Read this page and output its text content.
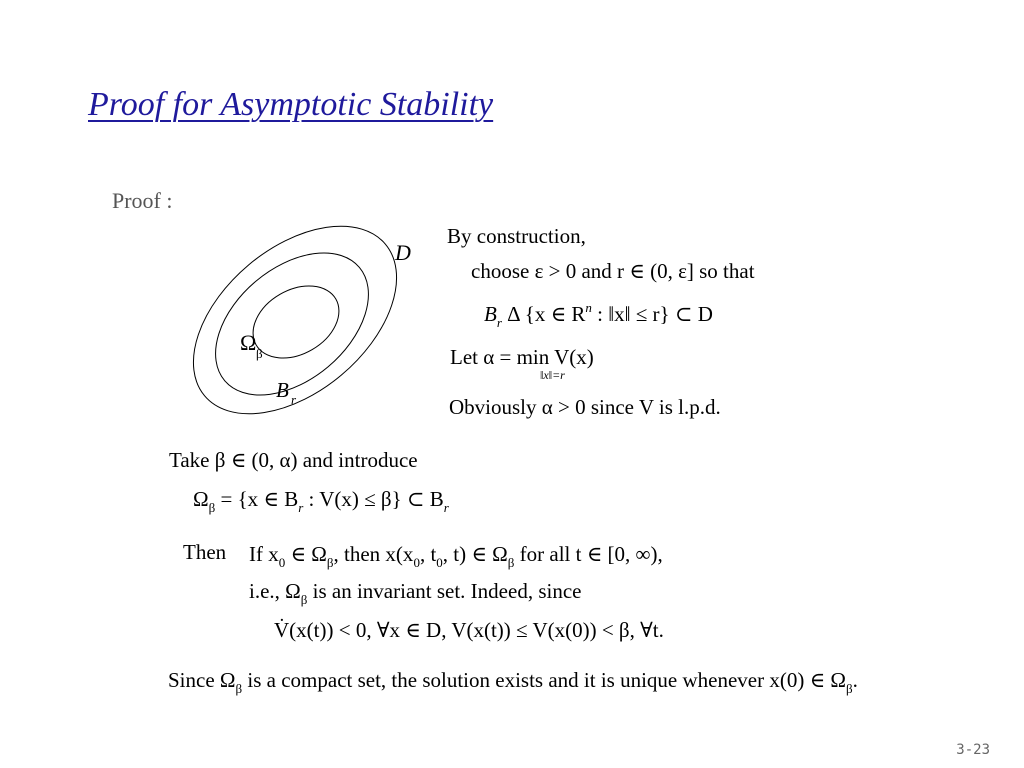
Proof for Asymptotic Stability
Proof :
D
Ω β
B r
By construction,
choose ε > 0 and r ∈ (0, ε] so that
$B_r$ Δ {x ∈ $R^n$ : ‖x‖ ≤ r} ⊂ D
Let α = min V(x)
‖x‖=r
Obviously α > 0 since V is l.p.d.
Take β ∈ (0, α) and introduce
$\Omega_\beta = \{x$ ∈ $B_r$ : V(x) ≤ β} ⊂ $B_r$
Then If $x_0$ ∈ $\Omega_\beta$, then $x(x_0$, $t_0$, t) ∈ $\Omega_\beta$ for all t ∈ [0, ∞),
i.e., $\Omega_\beta$ is an invariant set. Indeed, since
V̇(x(t)) < 0, ∀x ∈ D, V(x(t)) ≤ V(x(0)) < β, ∀t.
Since $\Omega_\beta$ is a compact set, the solution exists and it is unique whenever x(0) ∈ $\Omega_\beta$.
3-23
